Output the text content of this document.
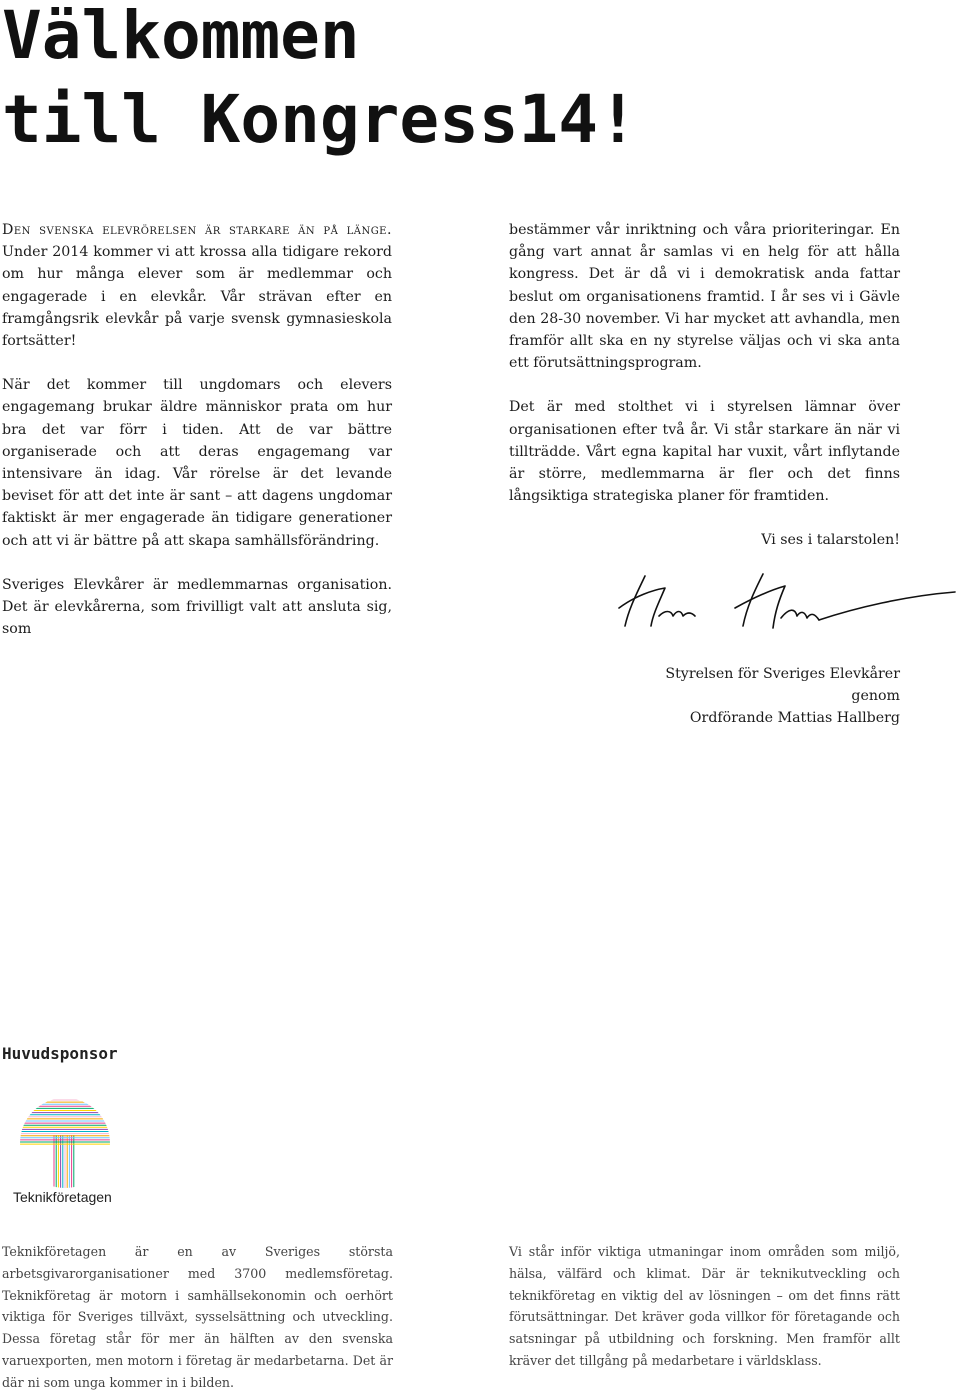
Välkommen
till Kongress14!

Den svenska elevrörelsen är starkare än på länge. Under 2014 kommer vi att krossa alla tidigare rekord om hur många elever som är medlemmar och engagerade i en elevkår. Vår strävan efter en framgångsrik elevkår på varje svensk gymnasieskola fortsätter!

När det kommer till ungdomars och elevers engagemang brukar äldre människor prata om hur bra det var förr i tiden. Att de var bättre organiserade och att deras engagemang var intensivare än idag. Vår rörelse är det levande beviset för att det inte är sant – att dagens ungdomar faktiskt är mer engagerade än tidigare generationer och att vi är bättre på att skapa samhällsförändring.

Sveriges Elevkårer är medlemmarnas organisation. Det är elevkårerna, som frivilligt valt att ansluta sig, som

bestämmer vår inriktning och våra prioriteringar. En gång vart annat år samlas vi en helg för att hålla kongress. Det är då vi i demokratisk anda fattar beslut om organisationens framtid. I år ses vi i Gävle den 28-30 november. Vi har mycket att avhandla, men framför allt ska en ny styrelse väljas och vi ska anta ett förutsättningsprogram.

Det är med stolthet vi i styrelsen lämnar över organisationen efter två år. Vi står starkare än när vi tillträdde. Vårt egna kapital har vuxit, vårt inflytande är större, medlemmarna är fler och det finns långsiktiga strategiska planer för framtiden.

Vi ses i talarstolen!

Styrelsen för Sveriges Elevkårer
genom
Ordförande Mattias Hallberg
Huvudsponsor
Teknikföretagen
Teknikföretagen är en av Sveriges största arbetsgivarorganisationer med 3700 medlemsföretag. Teknikföretag är motorn i samhällsekonomin och oerhört viktiga för Sveriges tillväxt, sysselsättning och utveckling. Dessa företag står för mer än hälften av den svenska varuexporten, men motorn i företag är medarbetarna. Det är där ni som unga kommer in i bilden.
Vi står inför viktiga utmaningar inom områden som miljö, hälsa, välfärd och klimat. Där är teknikutveckling och teknikföretag en viktig del av lösningen – om det finns rätt förutsättningar. Det kräver goda villkor för företagande och satsningar på utbildning och forskning. Men framför allt kräver det tillgång på medarbetare i världsklass.
